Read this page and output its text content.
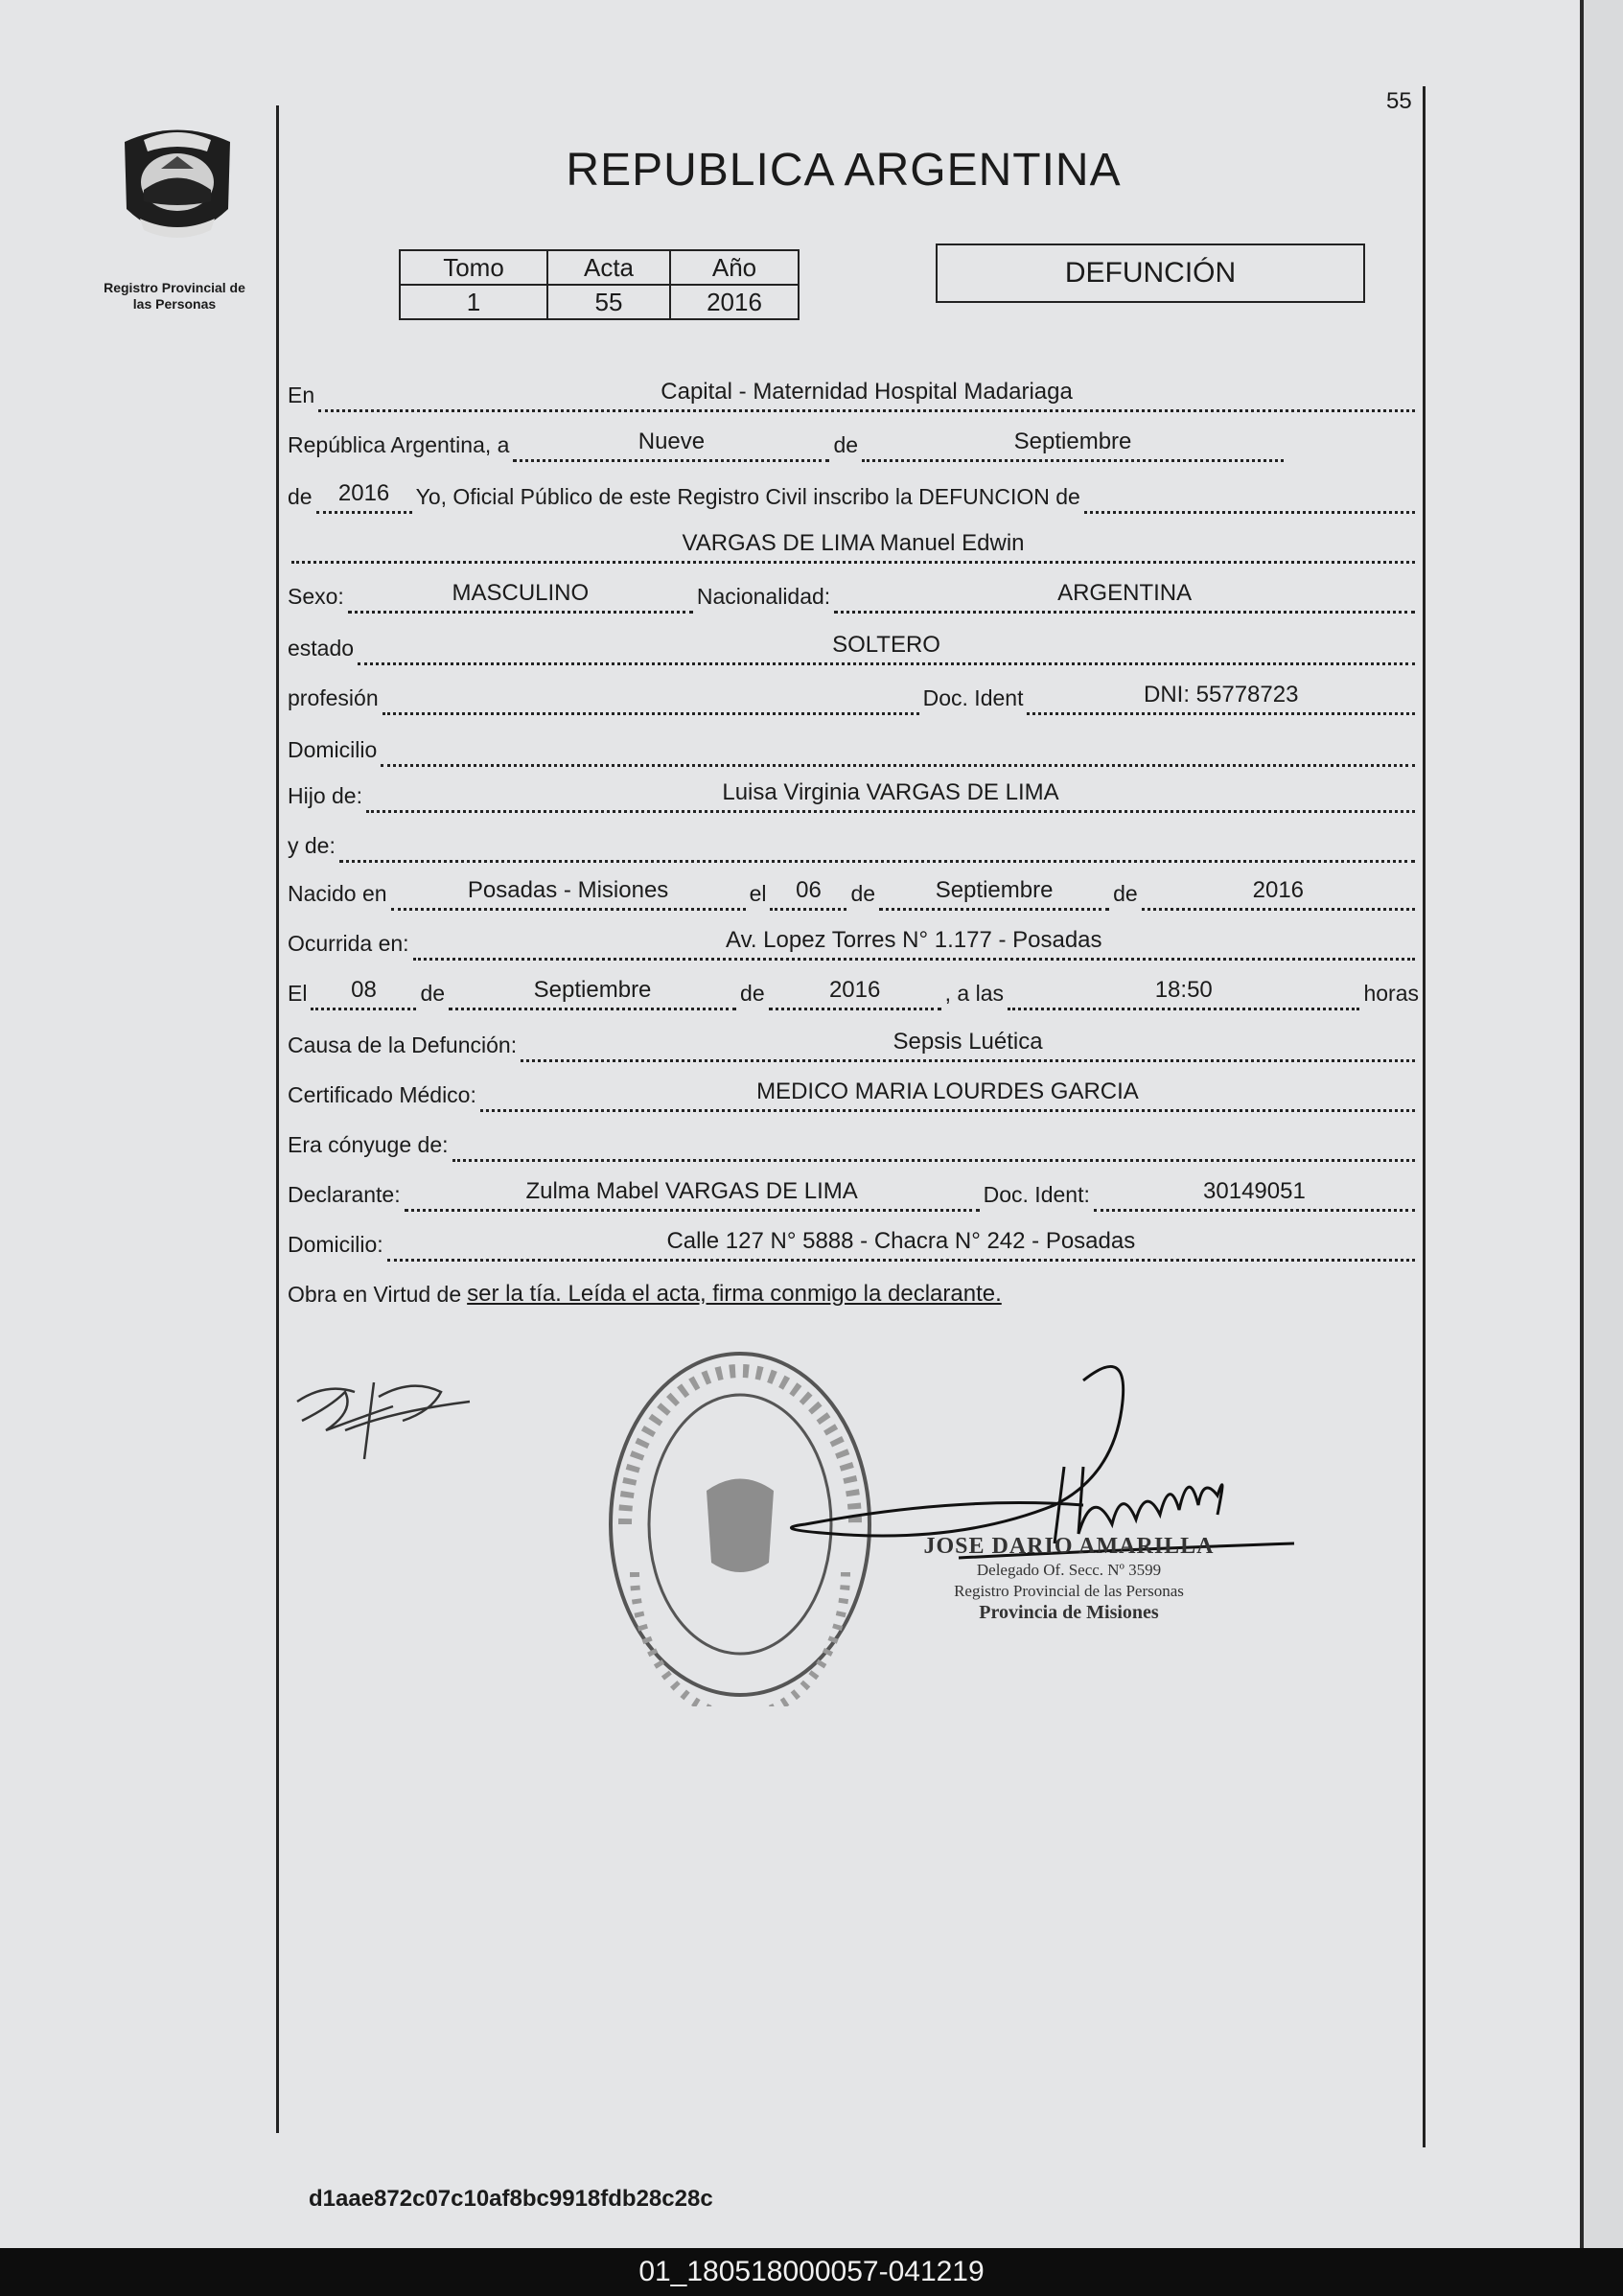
55
Registro Provincial de
las Personas
REPUBLICA ARGENTINA
Tomo	Acta	Año
1	55	2016
DEFUNCIÓN
En	Capital - Maternidad Hospital Madariaga
República Argentina, a	Nueve	de	Septiembre
de	2016	Yo, Oficial Público de este Registro Civil inscribo la DEFUNCION de
VARGAS DE LIMA Manuel Edwin
Sexo:	MASCULINO	Nacionalidad:	ARGENTINA
estado	SOLTERO
profesión	Doc. Ident	DNI: 55778723
Domicilio
Hijo de:	Luisa Virginia VARGAS DE LIMA
y de:
Nacido en	Posadas - Misiones	el	06	de	Septiembre	de	2016
Ocurrida en:	Av. Lopez Torres N° 1.177 - Posadas
El	08	de	Septiembre	de	2016	, a las	18:50	horas
Causa de la Defunción:	Sepsis Luética
Certificado Médico:	MEDICO MARIA LOURDES GARCIA
Era cónyuge de:
Declarante:	Zulma Mabel VARGAS DE LIMA	Doc. Ident:	30149051
Domicilio:	Calle 127 N° 5888 - Chacra N° 242 - Posadas
Obra en Virtud de ser la tía. Leída el acta, firma conmigo la declarante.
JOSE DARIO AMARILLA
Delegado Of. Secc. Nº 3599
Registro Provincial de las Personas
Provincia de Misiones
d1aae872c07c10af8bc9918fdb28c28c
01_180518000057-041219
